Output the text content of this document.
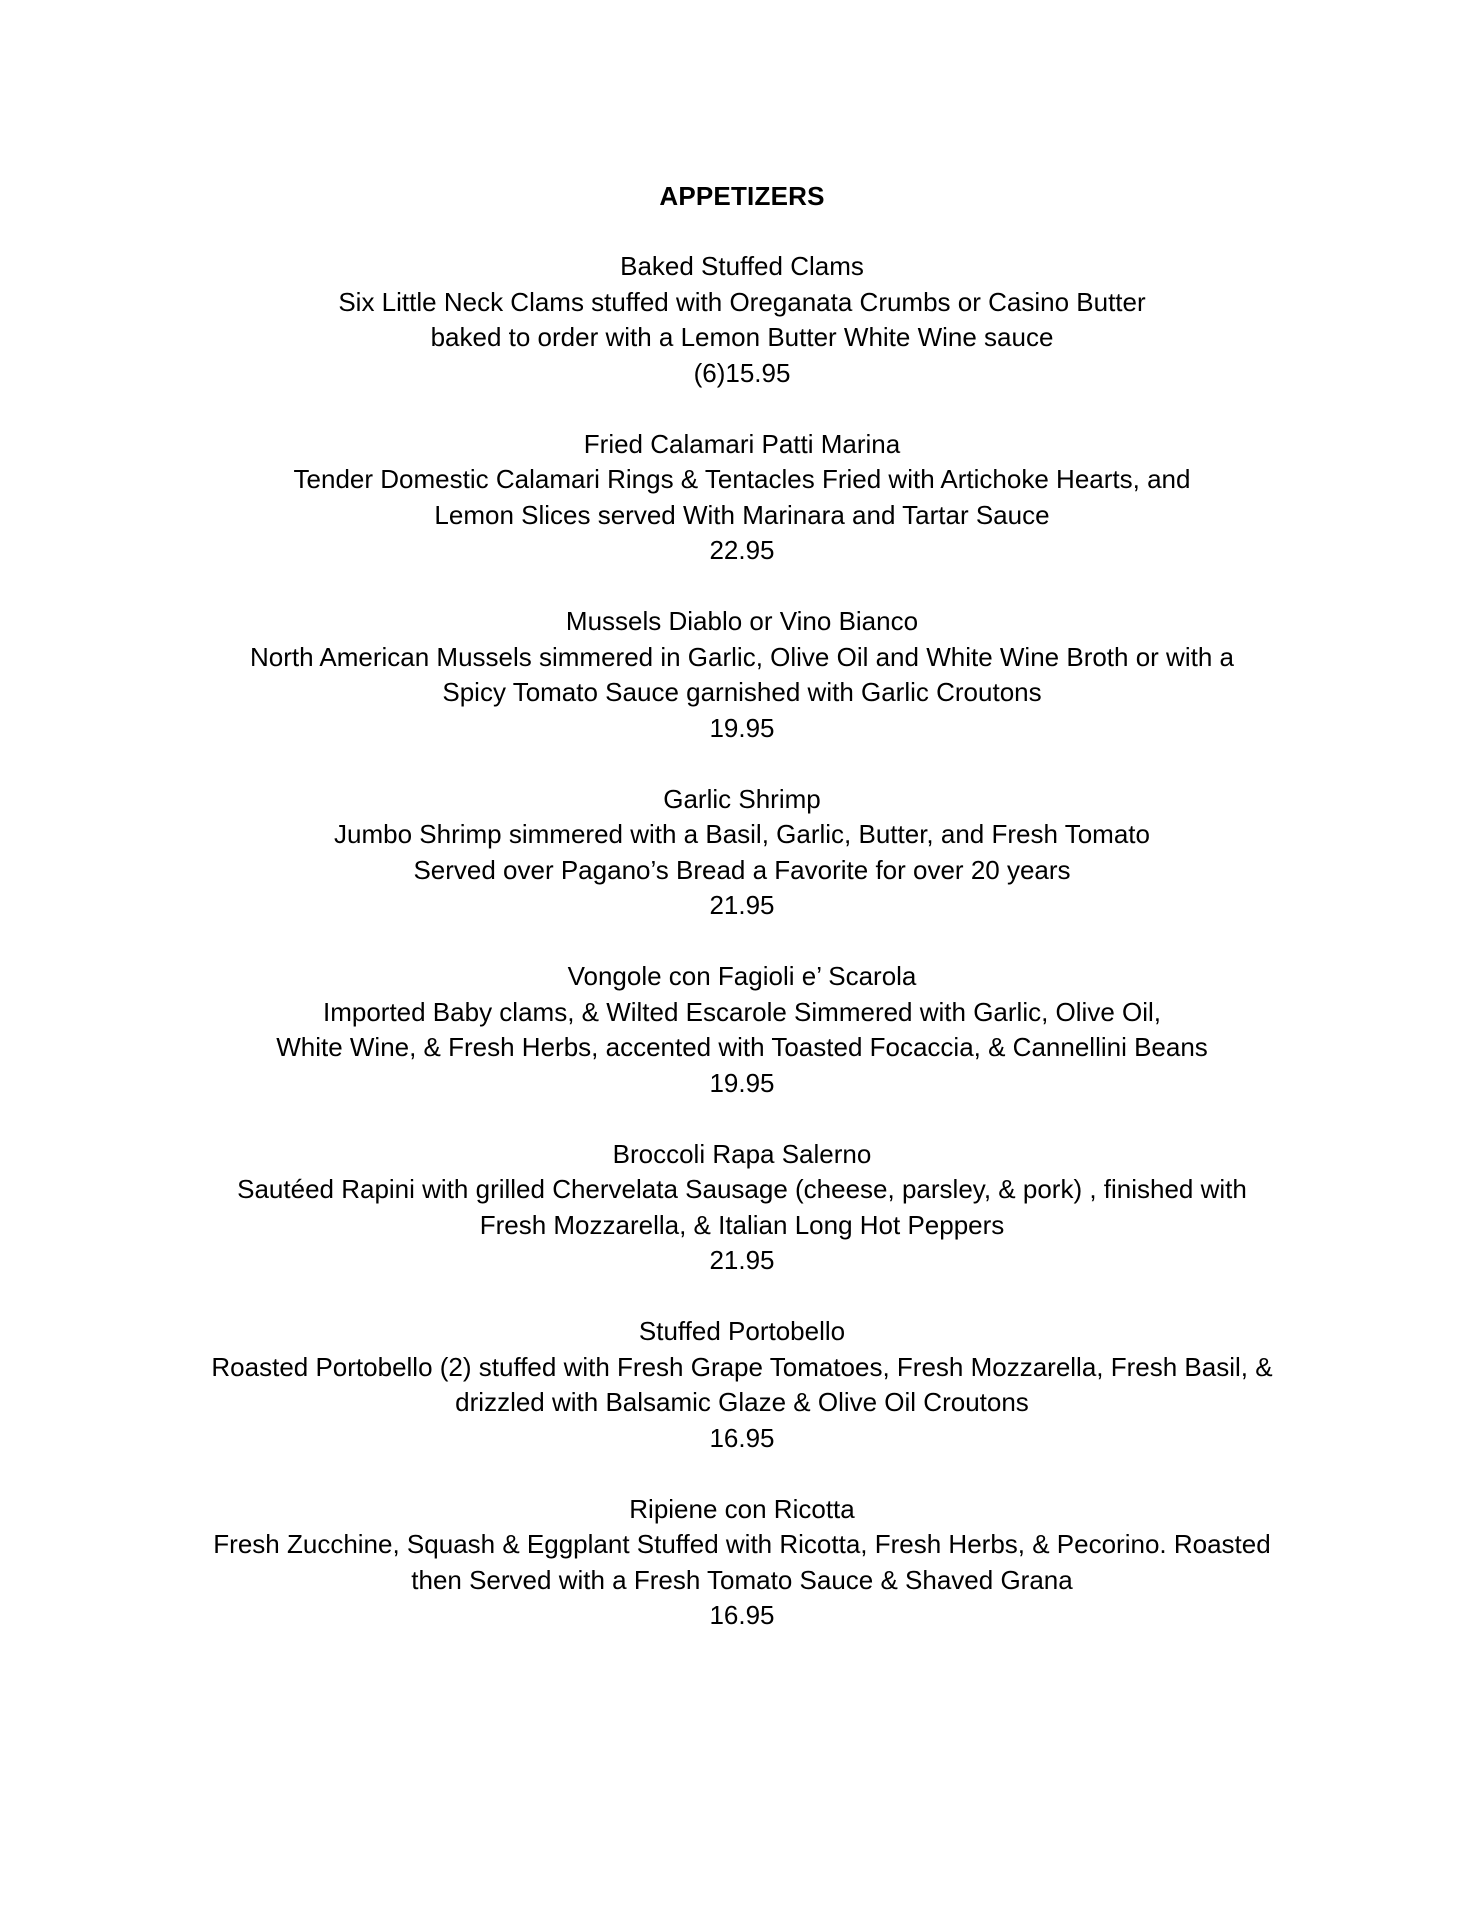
APPETIZERS
Baked Stuffed Clams
Six Little Neck Clams stuffed with Oreganata Crumbs or Casino Butter
baked to order with a Lemon Butter White Wine sauce
(6)15.95
Fried Calamari Patti Marina
Tender Domestic Calamari Rings & Tentacles Fried with Artichoke Hearts, and
Lemon Slices served With Marinara and Tartar Sauce
22.95
Mussels Diablo or Vino Bianco
North American Mussels simmered in Garlic, Olive Oil and White Wine Broth or with a
Spicy Tomato Sauce garnished with Garlic Croutons
19.95
Garlic Shrimp
Jumbo Shrimp simmered with a Basil, Garlic, Butter, and Fresh Tomato
Served over Pagano’s Bread a Favorite for over 20 years
21.95
Vongole con Fagioli e’ Scarola
Imported Baby clams, & Wilted Escarole Simmered with Garlic, Olive Oil,
White Wine, & Fresh Herbs, accented with Toasted Focaccia, & Cannellini Beans
19.95
Broccoli Rapa Salerno
Sautéed Rapini with grilled Chervelata Sausage (cheese, parsley, & pork) , finished with
Fresh Mozzarella, & Italian Long Hot Peppers
21.95
Stuffed Portobello
Roasted Portobello (2) stuffed with Fresh Grape Tomatoes, Fresh Mozzarella, Fresh Basil, &
drizzled with Balsamic Glaze & Olive Oil Croutons
16.95
Ripiene con Ricotta
Fresh Zucchine, Squash & Eggplant Stuffed with Ricotta, Fresh Herbs, & Pecorino. Roasted
then Served with a Fresh Tomato Sauce & Shaved Grana
16.95
